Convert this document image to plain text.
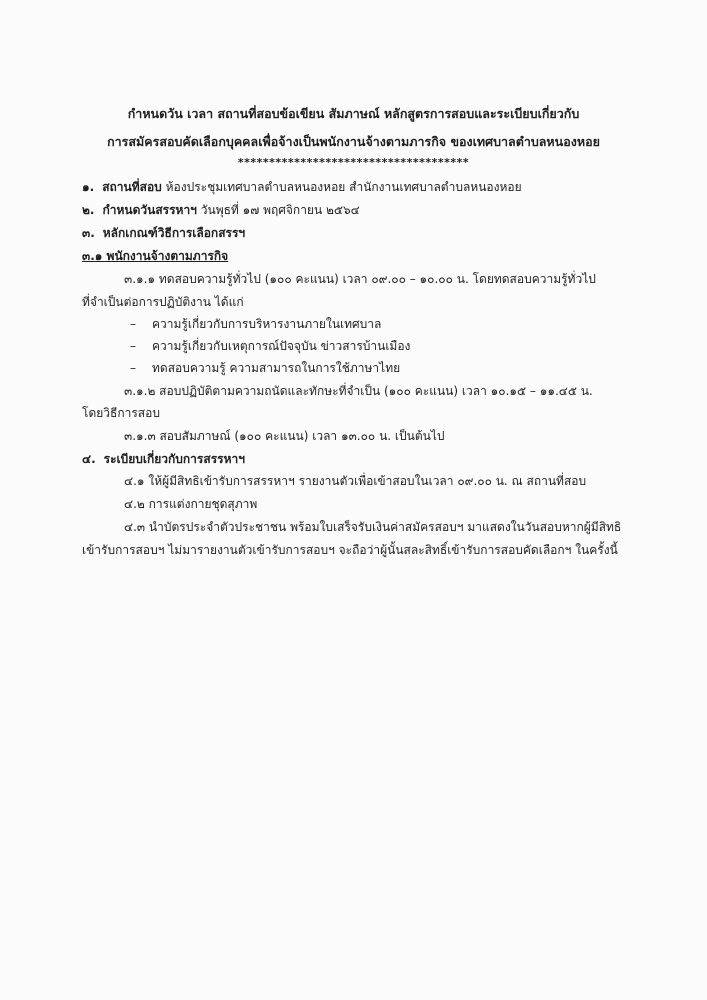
กำหนดวัน เวลา สถานที่สอบข้อเขียน สัมภาษณ์ หลักสูตรการสอบและระเบียบเกี่ยวกับ
การสมัครสอบคัดเลือกบุคคลเพื่อจ้างเป็นพนักงานจ้างตามภารกิจ ของเทศบาลตำบลหนองหอย
*************************************
๑. สถานที่สอบ ห้องประชุมเทศบาลตำบลหนองหอย สำนักงานเทศบาลตำบลหนองหอย
๒. กำหนดวันสรรหาฯ วันพุธที่ ๑๗ พฤศจิกายน ๒๕๖๔
๓. หลักเกณฑ์วิธีการเลือกสรรฯ
๓.๑ พนักงานจ้างตามภารกิจ
๓.๑.๑ ทดสอบความรู้ทั่วไป (๑๐๐ คะแนน) เวลา ๐๙.๐๐ – ๑๐.๐๐ น. โดยทดสอบความรู้ทั่วไป
ที่จำเป็นต่อการปฏิบัติงาน ได้แก่
– ความรู้เกี่ยวกับการบริหารงานภายในเทศบาล
– ความรู้เกี่ยวกับเหตุการณ์ปัจจุบัน ข่าวสารบ้านเมือง
– ทดสอบความรู้ ความสามารถในการใช้ภาษาไทย
๓.๑.๒ สอบปฏิบัติตามความถนัดและทักษะที่จำเป็น (๑๐๐ คะแนน) เวลา ๑๐.๑๕ – ๑๑.๔๕ น.
โดยวิธีการสอบ
๓.๑.๓ สอบสัมภาษณ์ (๑๐๐ คะแนน) เวลา ๑๓.๐๐ น. เป็นต้นไป
๔. ระเบียบเกี่ยวกับการสรรหาฯ
๔.๑ ให้ผู้มีสิทธิเข้ารับการสรรหาฯ รายงานตัวเพื่อเข้าสอบในเวลา ๐๙.๐๐ น. ณ สถานที่สอบ
๔.๒ การแต่งกายชุดสุภาพ
๔.๓ นำบัตรประจำตัวประชาชน พร้อมใบเสร็จรับเงินค่าสมัครสอบฯ มาแสดงในวันสอบหากผู้มีสิทธิ
เข้ารับการสอบฯ ไม่มารายงานตัวเข้ารับการสอบฯ จะถือว่าผู้นั้นสละสิทธิ์เข้ารับการสอบคัดเลือกฯ ในครั้งนี้
